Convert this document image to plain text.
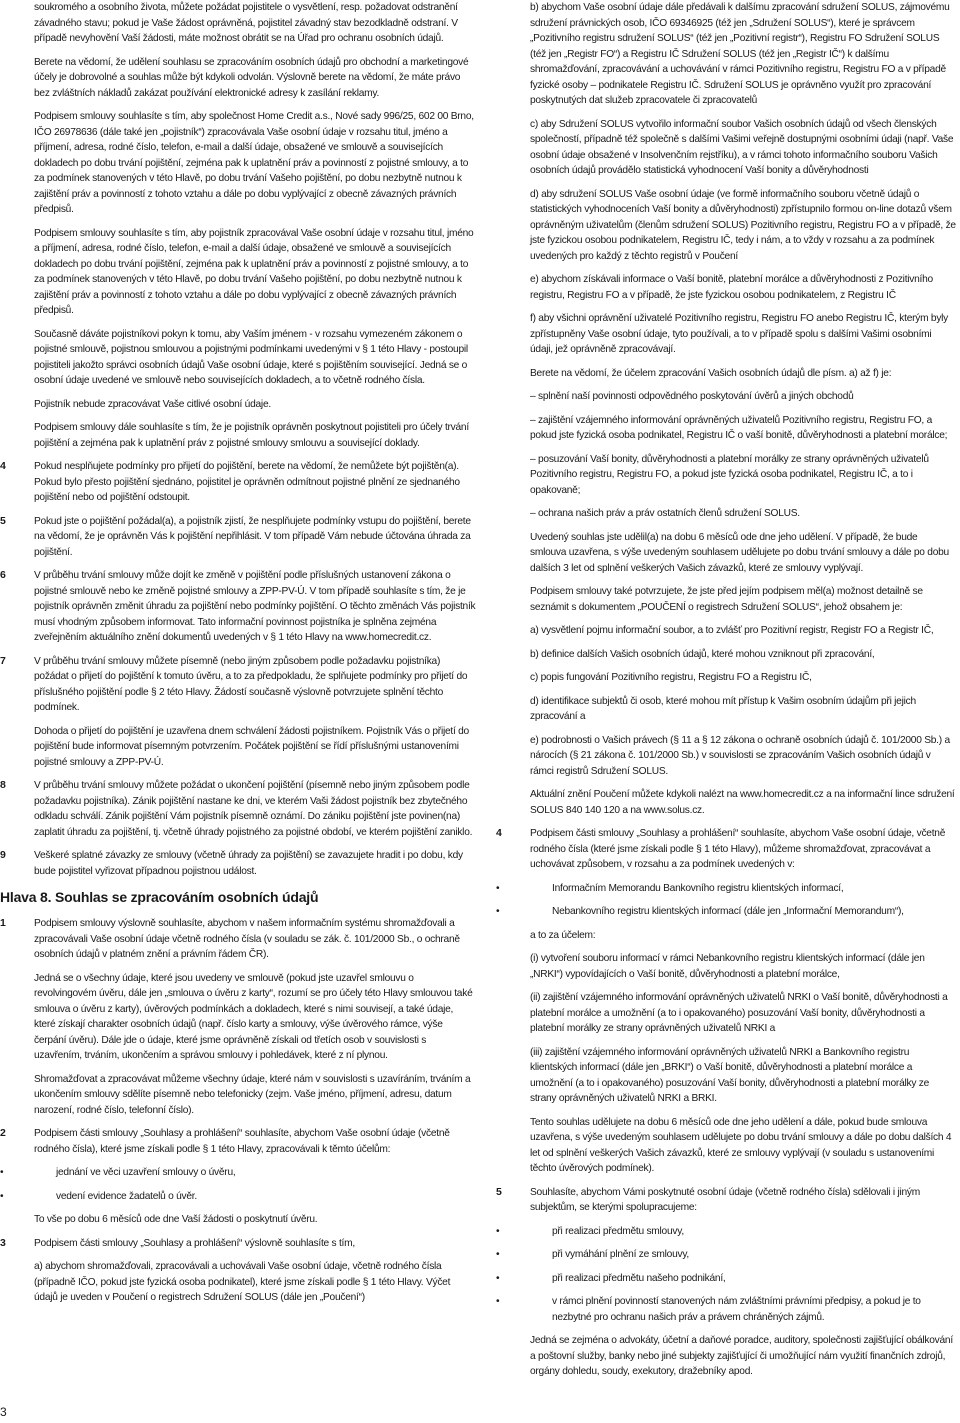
soukromého a osobního života, můžete požádat pojistitele o vysvětlení, resp. požadovat odstranění závadného stavu; pokud je Vaše žádost oprávněná, pojistitel závadný stav bezodkladně odstraní. V případě nevyhovění Vaší žádosti, máte možnost obrátit se na Úřad pro ochranu osobních údajů.

Berete na vědomí, že udělení souhlasu se zpracováním osobních údajů pro obchodní a marketingové účely je dobrovolné a souhlas může být kdykoli odvolán. Výslovně berete na vědomí, že máte právo bez zvláštních nákladů zakázat používání elektronické adresy k zasílání reklamy.

Podpisem smlouvy souhlasíte s tím, aby společnost Home Credit a.s., Nové sady 996/25, 602 00 Brno, IČO 26978636 (dále také jen „pojistník“) zpracovávala Vaše osobní údaje v rozsahu titul, jméno a příjmení, adresa, rodné číslo, telefon, e-mail a další údaje, obsažené ve smlouvě a souvisejících dokladech po dobu trvání pojištění, zejména pak k uplatnění práv a povinností z pojistné smlouvy, a to za podmínek stanovených v této Hlavě, po dobu trvání Vašeho pojištění, po dobu nezbytně nutnou k zajištění práv a povinností z tohoto vztahu a dále po dobu vyplývající z obecně závazných právních předpisů.

Podpisem smlouvy souhlasíte s tím, aby pojistník zpracovával Vaše osobní údaje v rozsahu titul, jméno a příjmení, adresa, rodné číslo, telefon, e-mail a další údaje, obsažené ve smlouvě a souvisejících dokladech po dobu trvání pojištění, zejména pak k uplatnění práv a povinností z pojistné smlouvy, a to za podmínek stanovených v této Hlavě, po dobu trvání Vašeho pojištění, po dobu nezbytně nutnou k zajištění práv a povinností z tohoto vztahu a dále po dobu vyplývající z obecně závazných právních předpisů.

Současně dáváte pojistníkovi pokyn k tomu, aby Vaším jménem - v rozsahu vymezeném zákonem o pojistné smlouvě, pojistnou smlouvou a pojistnými podmínkami uvedenými v § 1 této Hlavy - postoupil pojistiteli jakožto správci osobních údajů Vaše osobní údaje, které s pojištěním související. Jedná se o osobní údaje uvedené ve smlouvě nebo souvisejících dokladech, a to včetně rodného čísla.

Pojistník nebude zpracovávat Vaše citlivé osobní údaje.

Podpisem smlouvy dále souhlasíte s tím, že je pojistník oprávněn poskytnout pojistiteli pro účely trvání pojištění a zejména pak k uplatnění práv z pojistné smlouvy smlouvu a související doklady.

4	Pokud nesplňujete podmínky pro přijetí do pojištění, berete na vědomí, že nemůžete být pojištěn(a). Pokud bylo přesto pojištění sjednáno, pojistitel je oprávněn odmítnout pojistné plnění ze sjednaného pojištění nebo od pojištění odstoupit.

5	Pokud jste o pojištění požádal(a), a pojistník zjistí, že nesplňujete podmínky vstupu do pojištění, berete na vědomí, že je oprávněn Vás k pojištění nepřihlásit. V tom případě Vám nebude účtována úhrada za pojištění.

6	V průběhu trvání smlouvy může dojít ke změně v pojištění podle příslušných ustanovení zákona o pojistné smlouvě nebo ke změně pojistné smlouvy a ZPP-PV-Ú. V tom případě souhlasíte s tím, že je pojistník oprávněn změnit úhradu za pojištění nebo podmínky pojištění. O těchto změnách Vás pojistník musí vhodným způsobem informovat. Tato informační povinnost pojistníka je splněna zejména zveřejněním aktuálního znění dokumentů uvedených v § 1 této Hlavy na www.homecredit.cz.

7	V průběhu trvání smlouvy můžete písemně (nebo jiným způsobem podle požadavku pojistníka) požádat o přijetí do pojištění k tomuto úvěru, a to za předpokladu, že splňujete podmínky pro přijetí do příslušného pojištění podle § 2 této Hlavy. Žádostí současně výslovně potvrzujete splnění těchto podmínek.

Dohoda o přijetí do pojištění je uzavřena dnem schválení žádosti pojistníkem. Pojistník Vás o přijetí do pojištění bude informovat písemným potvrzením. Počátek pojištění se řídí příslušnými ustanoveními pojistné smlouvy a ZPP-PV-Ú.

8	V průběhu trvání smlouvy můžete požádat o ukončení pojištění (písemně nebo jiným způsobem podle požadavku pojistníka). Zánik pojištění nastane ke dni, ve kterém Vaši žádost pojistník bez zbytečného odkladu schválí. Zánik pojištění Vám pojistník písemně oznámí. Do zániku pojištění jste povinen(na) zaplatit úhradu za pojištění, tj. včetně úhrady pojistného za pojistné období, ve kterém pojištění zaniklo.

9	Veškeré splatné závazky ze smlouvy (včetně úhrady za pojištění) se zavazujete hradit i po dobu, kdy bude pojistitel vyřizovat případnou pojistnou událost.

Hlava 8. Souhlas se zpracováním osobních údajů
1	Podpisem smlouvy výslovně souhlasíte, abychom v našem informačním systému shromažďovali a zpracovávali Vaše osobní údaje včetně rodného čísla (v souladu se zák. č. 101/2000 Sb., o ochraně osobních údajů v platném znění a právním řádem ČR).

Jedná se o všechny údaje, které jsou uvedeny ve smlouvě (pokud jste uzavřel smlouvu o revolvingovém úvěru, dále jen „smlouva o úvěru z karty“, rozumí se pro účely této Hlavy smlouvou také smlouva o úvěru z karty), úvěrových podmínkách a dokladech, které s nimi souvisejí, a také údaje, které získají charakter osobních údajů (např. číslo karty a smlouvy, výše úvěrového rámce, výše čerpání úvěru). Dále jde o údaje, které jsme oprávněně získali od třetích osob v souvislosti s uzavřením, trváním, ukončením a správou smlouvy i pohledávek, které z ní plynou.

Shromažďovat a zpracovávat můžeme všechny údaje, které nám v souvislosti s uzavíráním, trváním a ukončením smlouvy sdělíte písemně nebo telefonicky (zejm. Vaše jméno, příjmení, adresu, datum narození, rodné číslo, telefonní číslo).

2	Podpisem části smlouvy „Souhlasy a prohlášení“ souhlasíte, abychom Vaše osobní údaje (včetně rodného čísla), které jsme získali podle § 1 této Hlavy, zpracovávali k těmto účelům:

• jednání ve věci uzavření smlouvy o úvěru,
• vedení evidence žadatelů o úvěr.

To vše po dobu 6 měsíců ode dne Vaší žádosti o poskytnutí úvěru.

3	Podpisem části smlouvy „Souhlasy a prohlášení“ výslovně souhlasíte s tím,

a) abychom shromažďovali, zpracovávali a uchovávali Vaše osobní údaje, včetně rodného čísla (případně IČO, pokud jste fyzická osoba podnikatel), které jsme získali podle § 1 této Hlavy. Výčet údajů je uveden v Poučení o registrech Sdružení SOLUS (dále jen „Poučení“)

b) abychom Vaše osobní údaje dále předávali k dalšímu zpracování sdružení SOLUS, zájmovému sdružení právnických osob, IČO 69346925 (též jen „Sdružení SOLUS“), které je správcem „Pozitivního registru sdružení SOLUS“ (též jen „Pozitivní registr“), Registru FO Sdružení SOLUS (též jen „Registr FO“) a Registru IČ Sdružení SOLUS (též jen „Registr IČ“) k dalšímu shromažďování, zpracovávání a uchovávání v rámci Pozitivního registru, Registru FO a v případě fyzické osoby – podnikatele Registru IČ. Sdružení SOLUS je oprávněno využít pro zpracování poskytnutých dat služeb zpracovatele či zpracovatelů

c) aby Sdružení SOLUS vytvořilo informační soubor Vašich osobních údajů od všech členských společností, případně též společně s dalšími Vašimi veřejně dostupnými osobními údaji (např. Vaše osobní údaje obsažené v Insolvenčním rejstříku), a v rámci tohoto informačního souboru Vašich osobních údajů provádělo statistická vyhodnocení Vaší bonity a důvěryhodnosti

d) aby sdružení SOLUS Vaše osobní údaje (ve formě informačního souboru včetně údajů o statistických vyhodnoceních Vaší bonity a důvěryhodnosti) zpřístupnilo formou on-line dotazů všem oprávněným uživatelům (členům sdružení SOLUS) Pozitivního registru, Registru FO a v případě, že jste fyzickou osobou podnikatelem, Registru IČ, tedy i nám, a to vždy v rozsahu a za podmínek uvedených pro každý z těchto registrů v Poučení

e) abychom získávali informace o Vaší bonitě, platební morálce a důvěryhodnosti z Pozitivního registru, Registru FO a v případě, že jste fyzickou osobou podnikatelem, z Registru IČ

f) aby všichni oprávnění uživatelé Pozitivního registru, Registru FO anebo Registru IČ, kterým byly zpřístupněny Vaše osobní údaje, tyto používali, a to v případě spolu s dalšími Vašimi osobními údaji, jež oprávněně zpracovávají.

Berete na vědomí, že účelem zpracování Vašich osobních údajů dle písm. a) až f) je:

– splnění naší povinnosti odpovědného poskytování úvěrů a jiných obchodů

– zajištění vzájemného informování oprávněných uživatelů Pozitivního registru, Registru FO, a pokud jste fyzická osoba podnikatel, Registru IČ o vaší bonitě, důvěryhodnosti a platební morálce;

– posuzování Vaší bonity, důvěryhodnosti a platební morálky ze strany oprávněných uživatelů Pozitivního registru, Registru FO, a pokud jste fyzická osoba podnikatel, Registru IČ, a to i opakovaně;

– ochrana našich práv a práv ostatních členů sdružení SOLUS.

Uvedený souhlas jste udělil(a) na dobu 6 měsíců ode dne jeho udělení. V případě, že bude smlouva uzavřena, s výše uvedeným souhlasem udělujete po dobu trvání smlouvy a dále po dobu dalších 3 let od splnění veškerých Vašich závazků, které ze smlouvy vyplývají.

Podpisem smlouvy také potvrzujete, že jste před jejím podpisem měl(a) možnost detailně se seznámit s dokumentem „POUČENÍ o registrech Sdružení SOLUS“, jehož obsahem je:

a) vysvětlení pojmu informační soubor, a to zvlášť pro Pozitivní registr, Registr FO a Registr IČ,

b) definice dalších Vašich osobních údajů, které mohou vzniknout při zpracování,

c) popis fungování Pozitivního registru, Registru FO a Registru IČ,

d) identifikace subjektů či osob, které mohou mít přístup k Vašim osobním údajům při jejich zpracování a

e) podrobnosti o Vašich právech (§ 11 a § 12 zákona o ochraně osobních údajů č. 101/2000 Sb.) a nárocích (§ 21 zákona č. 101/2000 Sb.) v souvislosti se zpracováním Vašich osobních údajů v rámci registrů Sdružení SOLUS.

Aktuální znění Poučení můžete kdykoli nalézt na www.homecredit.cz a na informační lince sdružení SOLUS 840 140 120 a na www.solus.cz.

4	Podpisem části smlouvy „Souhlasy a prohlášení“ souhlasíte, abychom Vaše osobní údaje, včetně rodného čísla (které jsme získali podle § 1 této Hlavy), můžeme shromažďovat, zpracovávat a uchovávat způsobem, v rozsahu a za podmínek uvedených v:

• Informačním Memorandu Bankovního registru klientských informací,
• Nebankovního registru klientských informací (dále jen „Informační Memorandum“),

a to za účelem:

(i) vytvoření souboru informací v rámci Nebankovního registru klientských informací (dále jen „NRKI“) vypovídajících o Vaší bonitě, důvěryhodnosti a platební morálce,

(ii) zajištění vzájemného informování oprávněných uživatelů NRKI o Vaší bonitě, důvěryhodnosti a platební morálce a umožnění (a to i opakovaného) posuzování Vaší bonity, důvěryhodnosti a platební morálky ze strany oprávněných uživatelů NRKI a

(iii) zajištění vzájemného informování oprávněných uživatelů NRKI a Bankovního registru klientských informací (dále jen „BRKI“) o Vaší bonitě, důvěryhodnosti a platební morálce a umožnění (a to i opakovaného) posuzování Vaší bonity, důvěryhodnosti a platební morálky ze strany oprávněných uživatelů NRKI a BRKI.

Tento souhlas udělujete na dobu 6 měsíců ode dne jeho udělení a dále, pokud bude smlouva uzavřena, s výše uvedeným souhlasem udělujete po dobu trvání smlouvy a dále po dobu dalších 4 let od splnění veškerých Vašich závazků, které ze smlouvy vyplývají (v souladu s ustanoveními těchto úvěrových podmínek).

5	Souhlasíte, abychom Vámi poskytnuté osobní údaje (včetně rodného čísla) sdělovali i jiným subjektům, se kterými spolupracujeme:

• při realizaci předmětu smlouvy,
• při vymáhání plnění ze smlouvy,
• při realizaci předmětu našeho podnikání,
• v rámci plnění povinností stanovených nám zvláštními právními předpisy, a pokud je to nezbytné pro ochranu našich práv a právem chráněných zájmů.

Jedná se zejména o advokáty, účetní a daňové poradce, auditory, společnosti zajišťující obálkování a poštovní služby, banky nebo jiné subjekty zajišťující či umožňující nám využití finančních zdrojů, orgány dohledu, soudy, exekutory, dražebníky apod.

3
